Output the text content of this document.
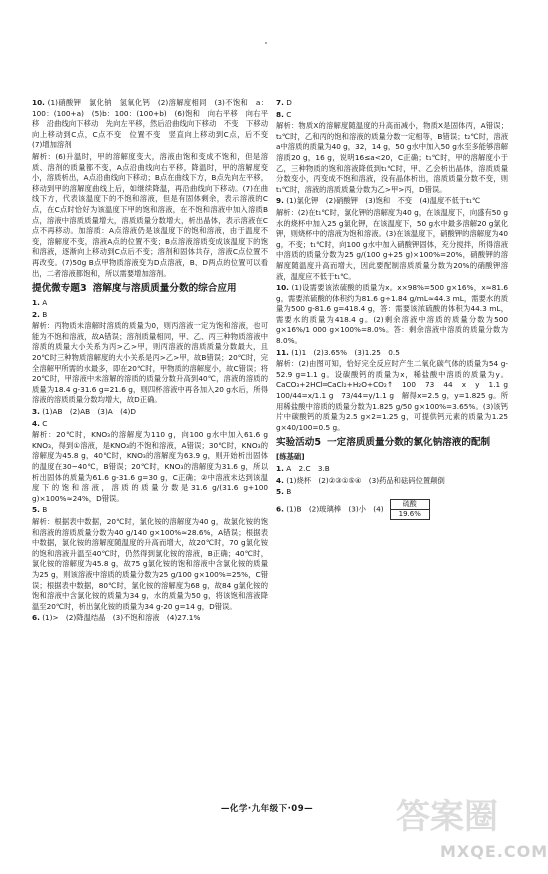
10. (1)硝酸钾　氯化钠　氢氧化钙　(2)溶解度相同　(3)不饱和　a：100：(100+a)　(5)b：100：(100+b)　(6)饱和　向右平移　向右平移　沿曲线向下移动　先向左平移，然后沿曲线向下移动　不变　下移动向上移动到C点，C点不变　位置不变　竖直向上移动到C点，后不变　(7)增加溶剂
解析：(6)升温时，甲的溶解度变大，溶液由饱和变成不饱和，但是溶质、溶剂的质量都不变，A点沿曲线向右平移，降温时，甲的溶解度变小，溶质析出，A点沿曲线向下移动；B点在曲线下方，B点先向左平移，移动到甲的溶解度曲线上后，如继续降温，再沿曲线向下移动。(7)在曲线下方，代表该温度下的不饱和溶液，但是有固体剩余，表示溶液的C点，在C点时恰好为该温度下甲的饱和溶液，在不饱和溶液中加入溶质B点，溶液中溶质质量增大，溶质质量分数增大，析出晶体，表示溶液在C点不再移动。加溶质：A点溶液仍是该温度下的饱和溶液，由于温度不变，溶解度不变，溶液A点的位置不变；B点溶液溶质变成该温度下的饱和溶液，逐渐向上移动到C点后不变；溶剂和固体共存，溶液C点位置不再改变。(7)50g B点甲物质溶液变为D点溶液，B、D两点的位置可以看出，二者溶液都饱和，所以需要增加溶剂。
提优微专题3 溶解度与溶质质量分数的综合应用
1. A
2. B
解析：丙物质未溶解时溶质的质量为0，则丙溶液一定为饱和溶液，也可能为不饱和溶液，故A错误；溶剂质量相同，甲、乙、丙三种物质溶液中溶质的质量大小关系为丙>乙>甲，则丙溶液的溶质质量分数最大，且20℃时三种物质溶解度的大小关系是丙>乙>甲，故B错误；20℃时，完全溶解甲所需的水最多，即在20℃时，甲物质的溶解度小，故C错误；将20℃时，甲溶液中未溶解的溶质的质量分数升高到40℃，溶液的溶质的质量为18.4 g-31.6 g=21.6 g，则四杯溶液中再各加入20 g水后，所得溶液的溶质质量分数均增大，故D正确。
3. (1)AB　(2)AB　(3)A　(4)D
4. C
解析：20℃时，KNO₃的溶解度为110 g，向100 g水中加入61.6 g KNO₃，得到①溶液，是KNO₃的不饱和溶液，A错误；30℃时，KNO₃的溶解度为45.8 g，40℃时，KNO₃的溶解度为63.9 g，则开始析出固体的温度在30~40℃，B错误；20℃时，KNO₃的溶解度为31.6 g，所以析出固体的质量为61.6 g-31.6 g=30 g，C正确；②中溶液未达到该温度下的饱和溶液，溶质的质量分数是31.6 g/(31.6 g+100 g)×100%≈24%，D错误。
5. B
解析：根据表中数据，20℃时，氯化铵的溶解度为40 g，故氯化铵的饱和溶液的溶质质量分数为40 g/140 g×100%≈28.6%，A错误；根据表中数据，氯化铵的溶解度随温度的升高而增大，故20℃时，70 g氯化铵的饱和溶液升温至40℃时，仍然得到氯化铵的溶液，B正确；40℃时，氯化铵的溶解度为45.8 g，故75 g氯化铵的饱和溶液中含氯化铵的质量为25 g，则该溶液中溶质的质量分数为25 g/100 g×100%=25%，C错误；根据表中数据，80℃时，氯化铵的溶解度为68 g，故84 g氯化铵的饱和溶液中含氯化铵的质量为34 g，水的质量为50 g，将该饱和溶液降温至20℃时，析出氯化铵的质量为34 g-20 g=14 g，D错误。
6. (1)>　(2)降温结晶　(3)不饱和溶液　(4)27.1%
7. D
8. C
解析：物质X的溶解度随温度的升高而减小，物质X是固体丙，A错误；t₂℃时，乙和丙的饱和溶液的质量分数一定相等，B错误；t₂℃时，溶液a中溶质的质量为40 g，32，14 g，50 g水中加入50 g水至多能够溶解溶质20 g，16 g，说明16≤a<20，C正确；t₁℃时，甲的溶解度小于乙，三种物质的饱和溶液降低到t₁℃时，甲、乙会析出晶体，溶质质量分数变小，丙变成不饱和溶液，没有晶体析出，溶质质量分数不变，则t₁℃时，溶液的溶质质量分数为乙>甲>丙，D错误。
9. (1)氯化钾　(2)硝酸钾　(3)饱和　不变　(4)温度不低于t₁℃
解析：(2)在t₁℃时，氯化钾的溶解度为40 g，在该温度下，向盛有50 g水的烧杯中加入25 g氯化钾，在该温度下，50 g水中最多溶解20 g氯化钾，则烧杯中的溶液为饱和溶液。(3)在该温度下，硝酸钾的溶解度为40 g，不变；t₁℃时，向100 g水中加入硝酸钾固体，充分搅拌，所得溶液中溶质的质量分数为25 g/(100 g+25 g)×100%=20%，硝酸钾的溶解度随温度升高而增大，因此要配制溶质质量分数为20%的硝酸钾溶液，温度应不低于t₁℃。
10. (1)设需要该浓硫酸的质量为x。x×98%=500 g×16%，x≈81.6 g，需要浓硫酸的体积约为81.6 g÷1.84 g/mL≈44.3 mL，需要水的质量为500 g-81.6 g=418.4 g，答：需要该浓硫酸的体积为44.3 mL，需要水的质量为418.4 g。(2)剩余溶液中溶质的质量分数为500 g×16%/1 000 g×100%=8.0%。答：剩余溶液中溶质的质量分数为8.0%。
11. (1)1　(2)3.65%　(3)1.25　0.5
解析：(2)由图可知，恰好完全反应时产生二氧化碳气体的质量为54 g-52.9 g=1.1 g。设碳酸钙的质量为x，稀盐酸中溶质的质量为y。CaCO₃+2HCl═CaCl₂+H₂O+CO₂↑　100　73　44　x　y　1.1 g　100/44=x/1.1 g　73/44=y/1.1 g　解得x=2.5 g，y=1.825 g。所用稀盐酸中溶质的质量分数为1.825 g/50 g×100%=3.65%。(3)该钙片中碳酸钙的质量为2.5 g×2=1.25 g，可提供钙元素的质量为1.25 g×40/100=0.5 g。
实验活动5 一定溶质质量分数的氯化钠溶液的配制
[练基础]
1. A　2.C　3.B
4. (1)烧杯　(2)②③①⑤④　(3)药品和砝码位置颠倒
5. B
6. (1)B　(2)玻璃棒　(3)小　(4)
硫酸
19.6%
—化学·九年级下·09—	答案圈
MXQE.COM
